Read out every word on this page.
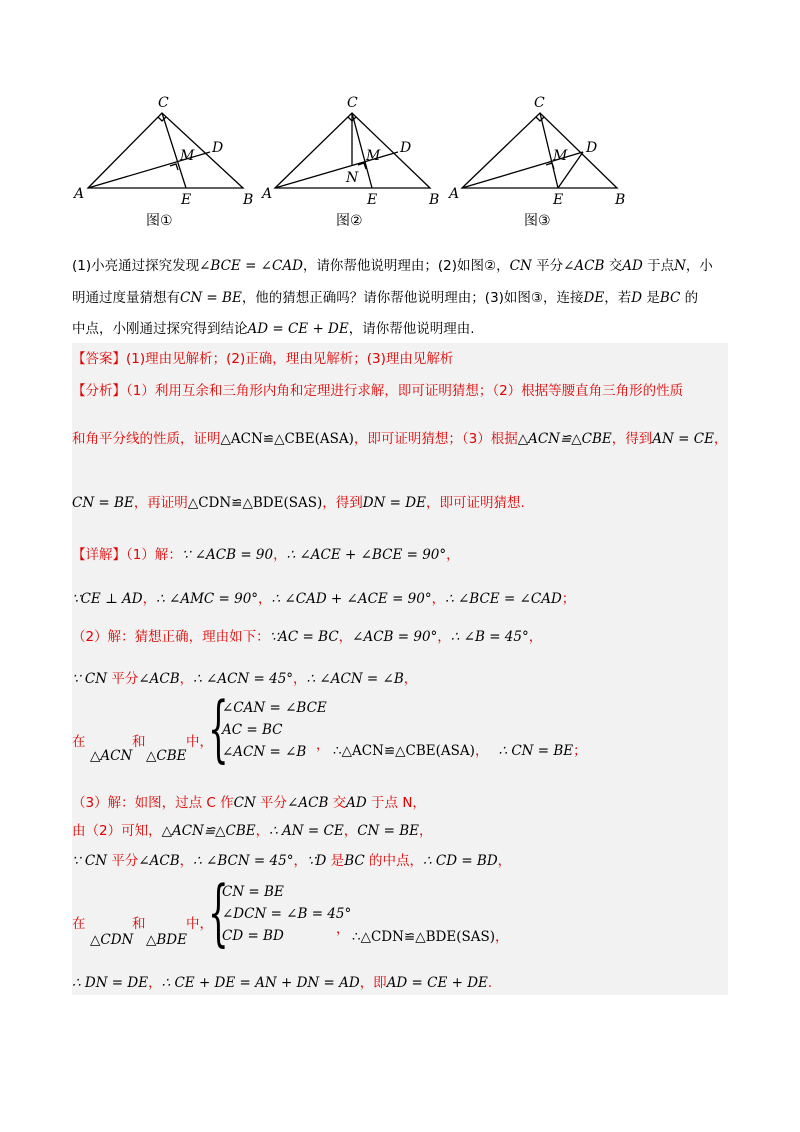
C
M D
A	E	B
图①
C
M D
N
A	E	B
图②
C
M D
A	E	B
图③
(1)小亮通过探究发现∠BCE = ∠CAD，请你帮他说明理由；(2)如图②，CN 平分∠ACB 交AD 于点N，小
明通过度量猜想有CN = BE，他的猜想正确吗？请你帮他说明理由；(3)如图③，连接DE，若D 是BC 的
中点，小刚通过探究得到结论AD = CE + DE，请你帮他说明理由.
【答案】(1)理由见解析；(2)正确，理由见解析；(3)理由见解析
【分析】（1）利用互余和三角形内角和定理进行求解，即可证明猜想；（2）根据等腰直角三角形的性质
和角平分线的性质，证明△ACN≌△CBE(ASA)，即可证明猜想；（3）根据△ACN≌△CBE，得到AN = CE，
CN = BE，再证明△CDN≌△BDE(SAS)，得到DN = DE，即可证明猜想.
【详解】（1）解：∵ ∠ACB = 90，∴ ∠ACE + ∠BCE = 90°，
∵CE ⊥ AD，∴ ∠AMC = 90°，∴ ∠CAD + ∠ACE = 90°，∴ ∠BCE = ∠CAD；
（2）解：猜想正确，理由如下：∵AC = BC，∠ACB = 90°，∴ ∠B = 45°，
∵ CN 平分∠ACB，∴ ∠ACN = 45°，∴ ∠ACN = ∠B，
{
∠CAN = ∠BCE
AC = BC
∠ACN = ∠B
在
△ACN
和
△CBE
中，	， ∴△ACN≌△CBE(ASA)， ∴ CN = BE；
（3）解：如图，过点 C 作CN 平分∠ACB 交AD 于点 N，
由（2）可知，△ACN≌△CBE，∴ AN = CE，CN = BE，
∵ CN 平分∠ACB，∴ ∠BCN = 45°，∵D 是BC 的中点，∴ CD = BD，
{
CN = BE
∠DCN = ∠B = 45°
CD = BD
在
△CDN
和
△BDE
中，	， ∴△CDN≌△BDE(SAS)，
∴ DN = DE，∴ CE + DE = AN + DN = AD，即AD = CE + DE.
